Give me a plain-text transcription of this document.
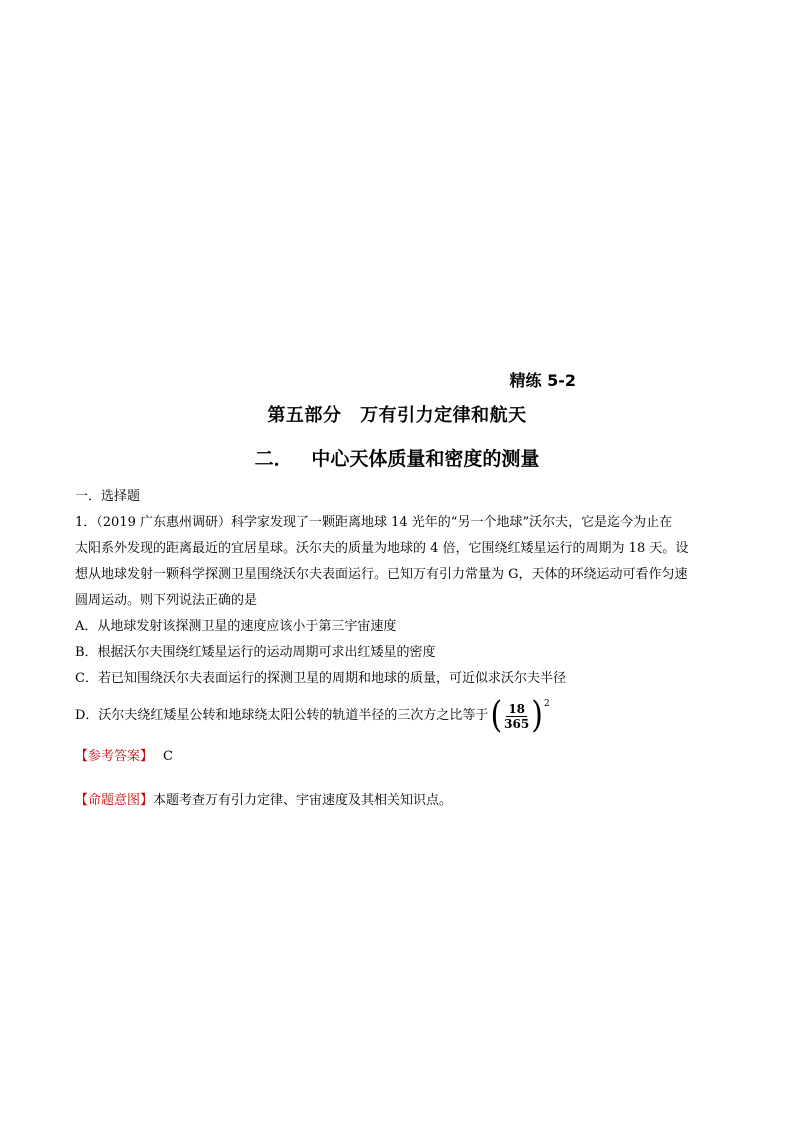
精练 5-2
第五部分 万有引力定律和航天
二． 中心天体质量和密度的测量
一．选择题
1．（2019 广东惠州调研）科学家发现了一颗距离地球 14 光年的“另一个地球”沃尔夫，它是迄今为止在
太阳系外发现的距离最近的宜居星球。沃尔夫的质量为地球的 4 倍，它围绕红矮星运行的周期为 18 天。设
想从地球发射一颗科学探测卫星围绕沃尔夫表面运行。已知万有引力常量为 G，天体的环绕运动可看作匀速
圆周运动。则下列说法正确的是
A．从地球发射该探测卫星的速度应该小于第三宇宙速度
B．根据沃尔夫围绕红矮星运行的运动周期可求出红矮星的密度
C．若已知围绕沃尔夫表面运行的探测卫星的周期和地球的质量，可近似求沃尔夫半径
D．沃尔夫绕红矮星公转和地球绕太阳公转的轨道半径的三次方之比等于 ( $\frac{18}{365}$ ) 2
【参考答案】 C
【命题意图】本题考查万有引力定律、宇宙速度及其相关知识点。
